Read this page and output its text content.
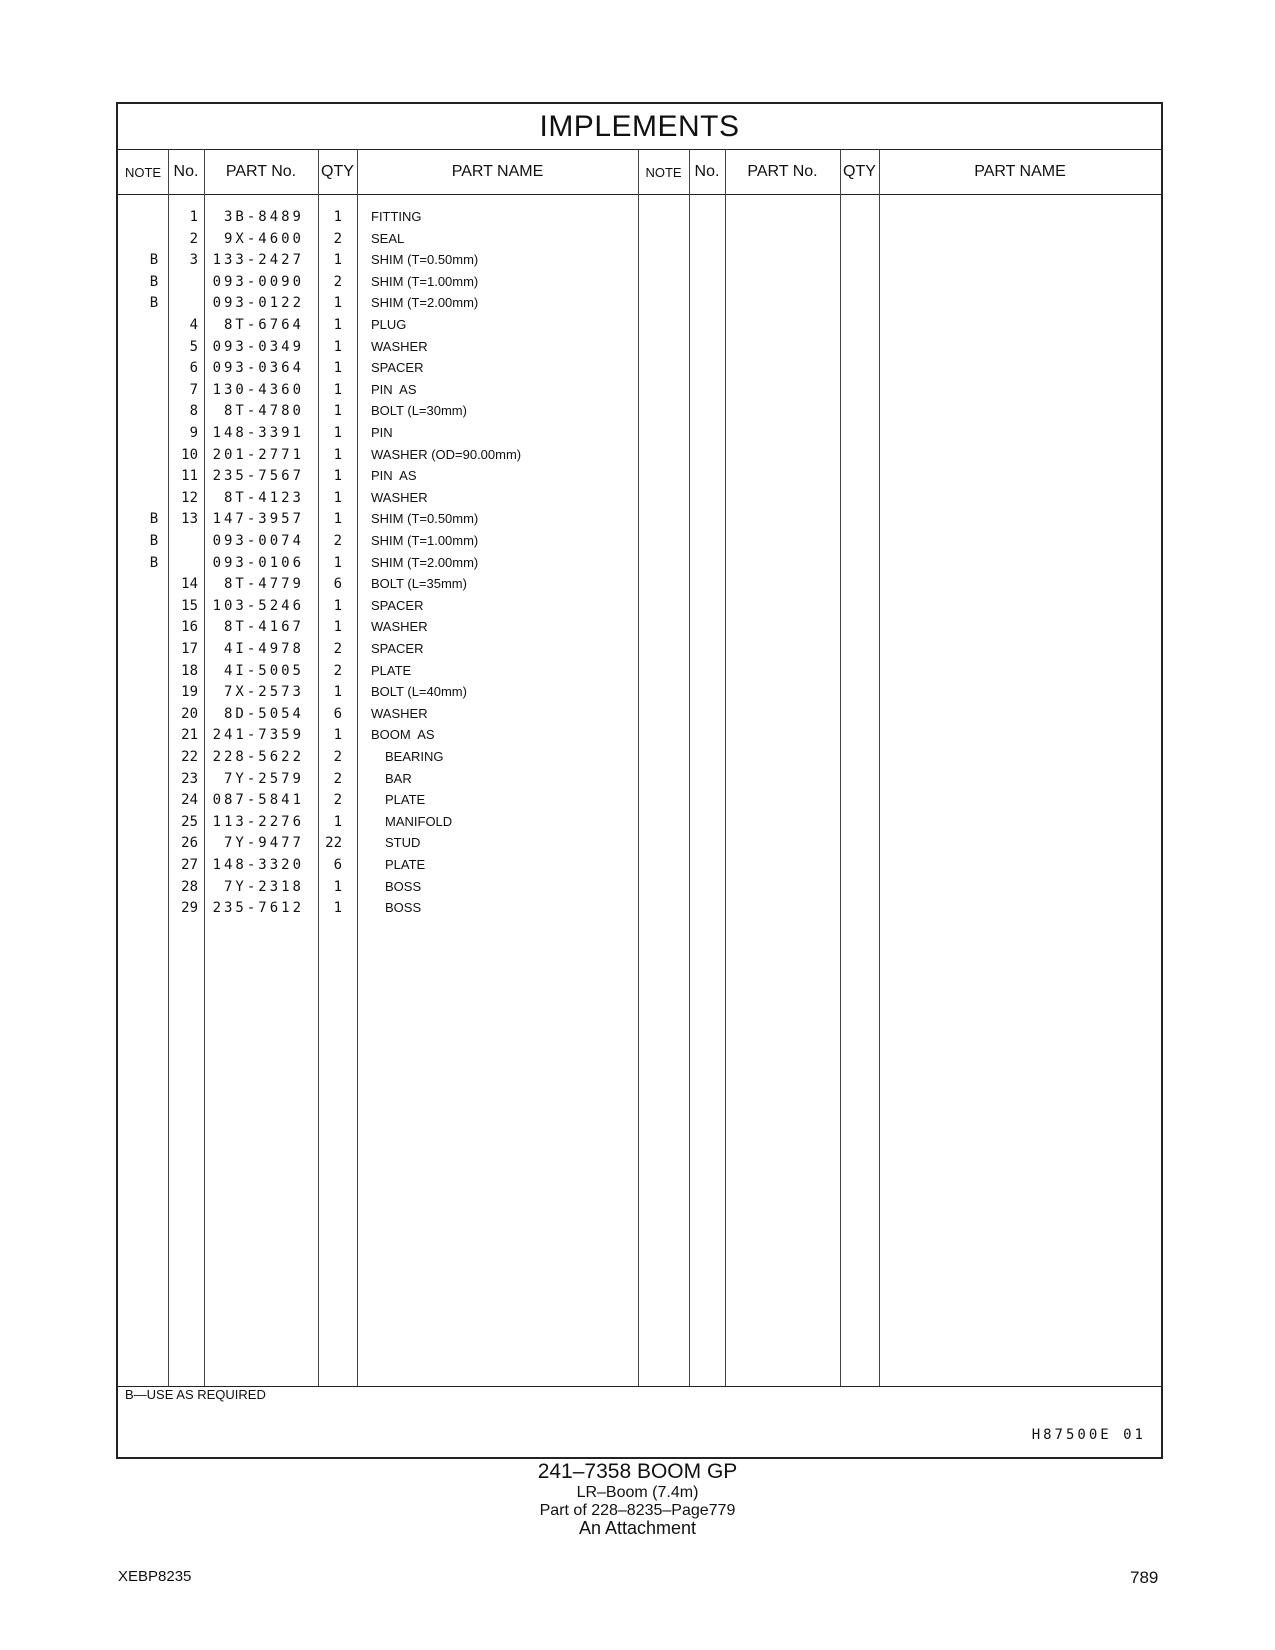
IMPLEMENTS
NOTE No.	PART No.	QTY	PART NAME	NOTE No.	PART No.	QTY	PART NAME
1	3B-8489	1 FITTING
2	9X-4600	2 SEAL
B	3	133-2427	1 SHIM (T=0.50mm)
B	093-0090	2 SHIM (T=1.00mm)
B	093-0122	1 SHIM (T=2.00mm)
4	8T-6764	1 PLUG
5	093-0349	1 WASHER
6	093-0364	1 SPACER
7	130-4360	1 PIN  AS
8	8T-4780	1 BOLT (L=30mm)
9	148-3391	1 PIN
10	201-2771	1 WASHER (OD=90.00mm)
11	235-7567	1 PIN  AS
12	8T-4123	1 WASHER
B	13	147-3957	1 SHIM (T=0.50mm)
B	093-0074	2 SHIM (T=1.00mm)
B	093-0106	1 SHIM (T=2.00mm)
14	8T-4779	6 BOLT (L=35mm)
15	103-5246	1 SPACER
16	8T-4167	1 WASHER
17	4I-4978	2 SPACER
18	4I-5005	2 PLATE
19	7X-2573	1 BOLT (L=40mm)
20	8D-5054	6 WASHER
21	241-7359	1 BOOM  AS
22	228-5622	2	BEARING
23	7Y-2579	2	BAR
24	087-5841	2	PLATE
25	113-2276	1	MANIFOLD
26	7Y-9477	22	STUD
27	148-3320	6	PLATE
28	7Y-2318	1	BOSS
29	235-7612	1	BOSS
B—USE AS REQUIRED
H87500E 01
241–7358 BOOM GP
LR–Boom (7.4m)
Part of 228–8235–Page779
An Attachment
XEBP8235	789
